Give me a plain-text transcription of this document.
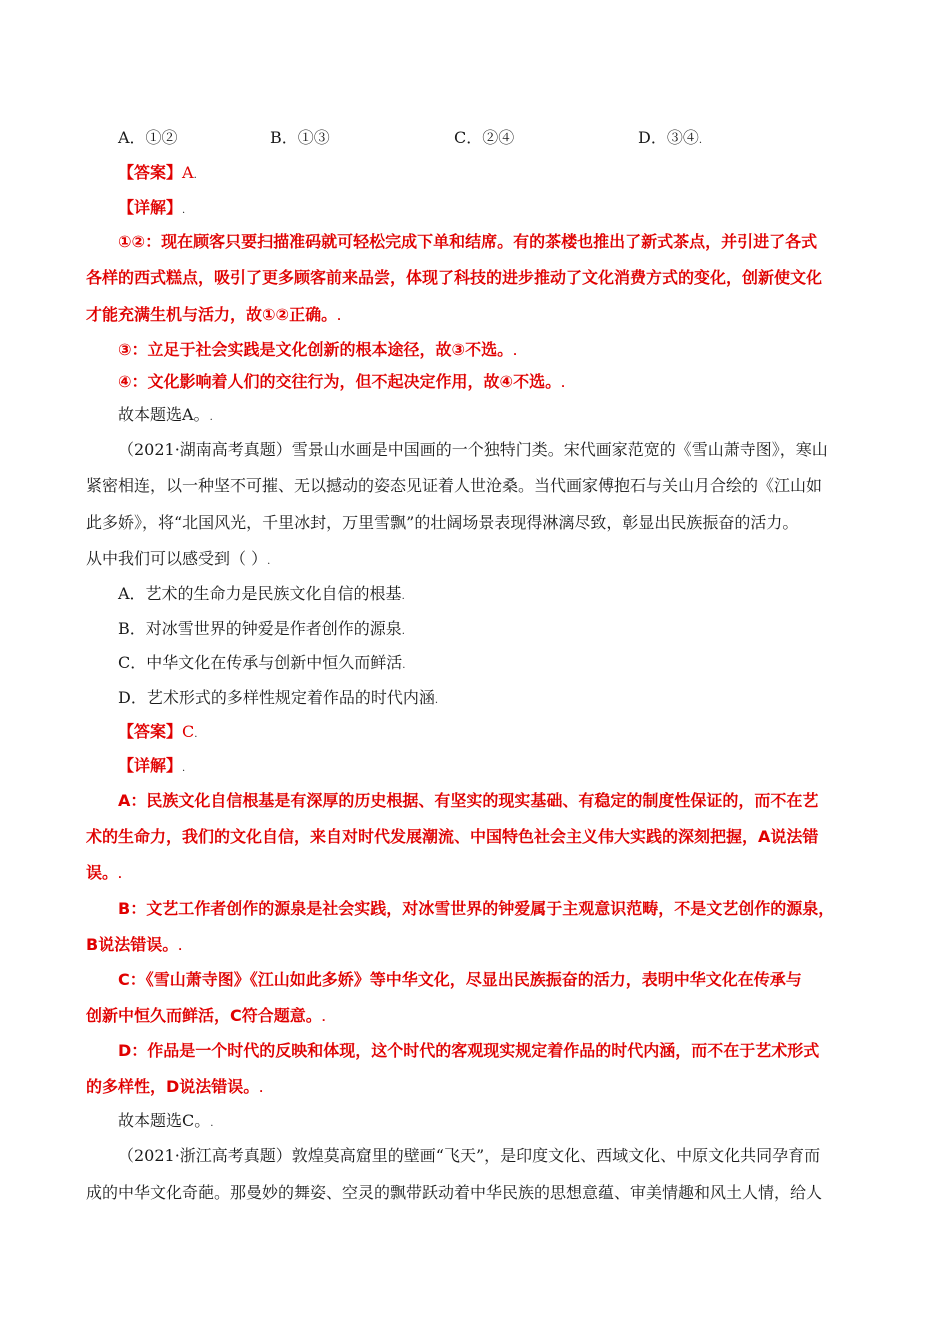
A．①②	B．①③	C．②④	D．③④.
【答案】A.
【详解】.
①②：现在顾客只要扫描准码就可轻松完成下单和结席。有的茶楼也推出了新式茶点，并引进了各式
各样的西式糕点，吸引了更多顾客前来品尝，体现了科技的进步推动了文化消费方式的变化，创新使文化
才能充满生机与活力，故①②正确。.
③：立足于社会实践是文化创新的根本途径，故③不选。.
④：文化影响着人们的交往行为，但不起决定作用，故④不选。.
故本题选A。.
（2021·湖南高考真题）雪景山水画是中国画的一个独特门类。宋代画家范宽的《雪山萧寺图》，寒山
紧密相连，以一种坚不可摧、无以撼动的姿态见证着人世沧桑。当代画家傅抱石与关山月合绘的《江山如
此多娇》，将“北国风光，千里冰封，万里雪飘”的壮阔场景表现得淋漓尽致，彰显出民族振奋的活力。
从中我们可以感受到（ ）.
A．艺术的生命力是民族文化自信的根基.
B．对冰雪世界的钟爱是作者创作的源泉.
C．中华文化在传承与创新中恒久而鲜活.
D．艺术形式的多样性规定着作品的时代内涵.
【答案】C.
【详解】.
A：民族文化自信根基是有深厚的历史根据、有坚实的现实基础、有稳定的制度性保证的，而不在艺
术的生命力，我们的文化自信，来自对时代发展潮流、中国特色社会主义伟大实践的深刻把握，A说法错
误。.
B：文艺工作者创作的源泉是社会实践，对冰雪世界的钟爱属于主观意识范畴，不是文艺创作的源泉，
B说法错误。.
C：《雪山萧寺图》《江山如此多娇》等中华文化，尽显出民族振奋的活力，表明中华文化在传承与
创新中恒久而鲜活，C符合题意。.
D：作品是一个时代的反映和体现，这个时代的客观现实规定着作品的时代内涵，而不在于艺术形式
的多样性，D说法错误。.
故本题选C。.
（2021·浙江高考真题）敦煌莫高窟里的壁画“飞天”，是印度文化、西域文化、中原文化共同孕育而
成的中华文化奇葩。那曼妙的舞姿、空灵的飘带跃动着中华民族的思想意蕴、审美情趣和风土人情，给人
